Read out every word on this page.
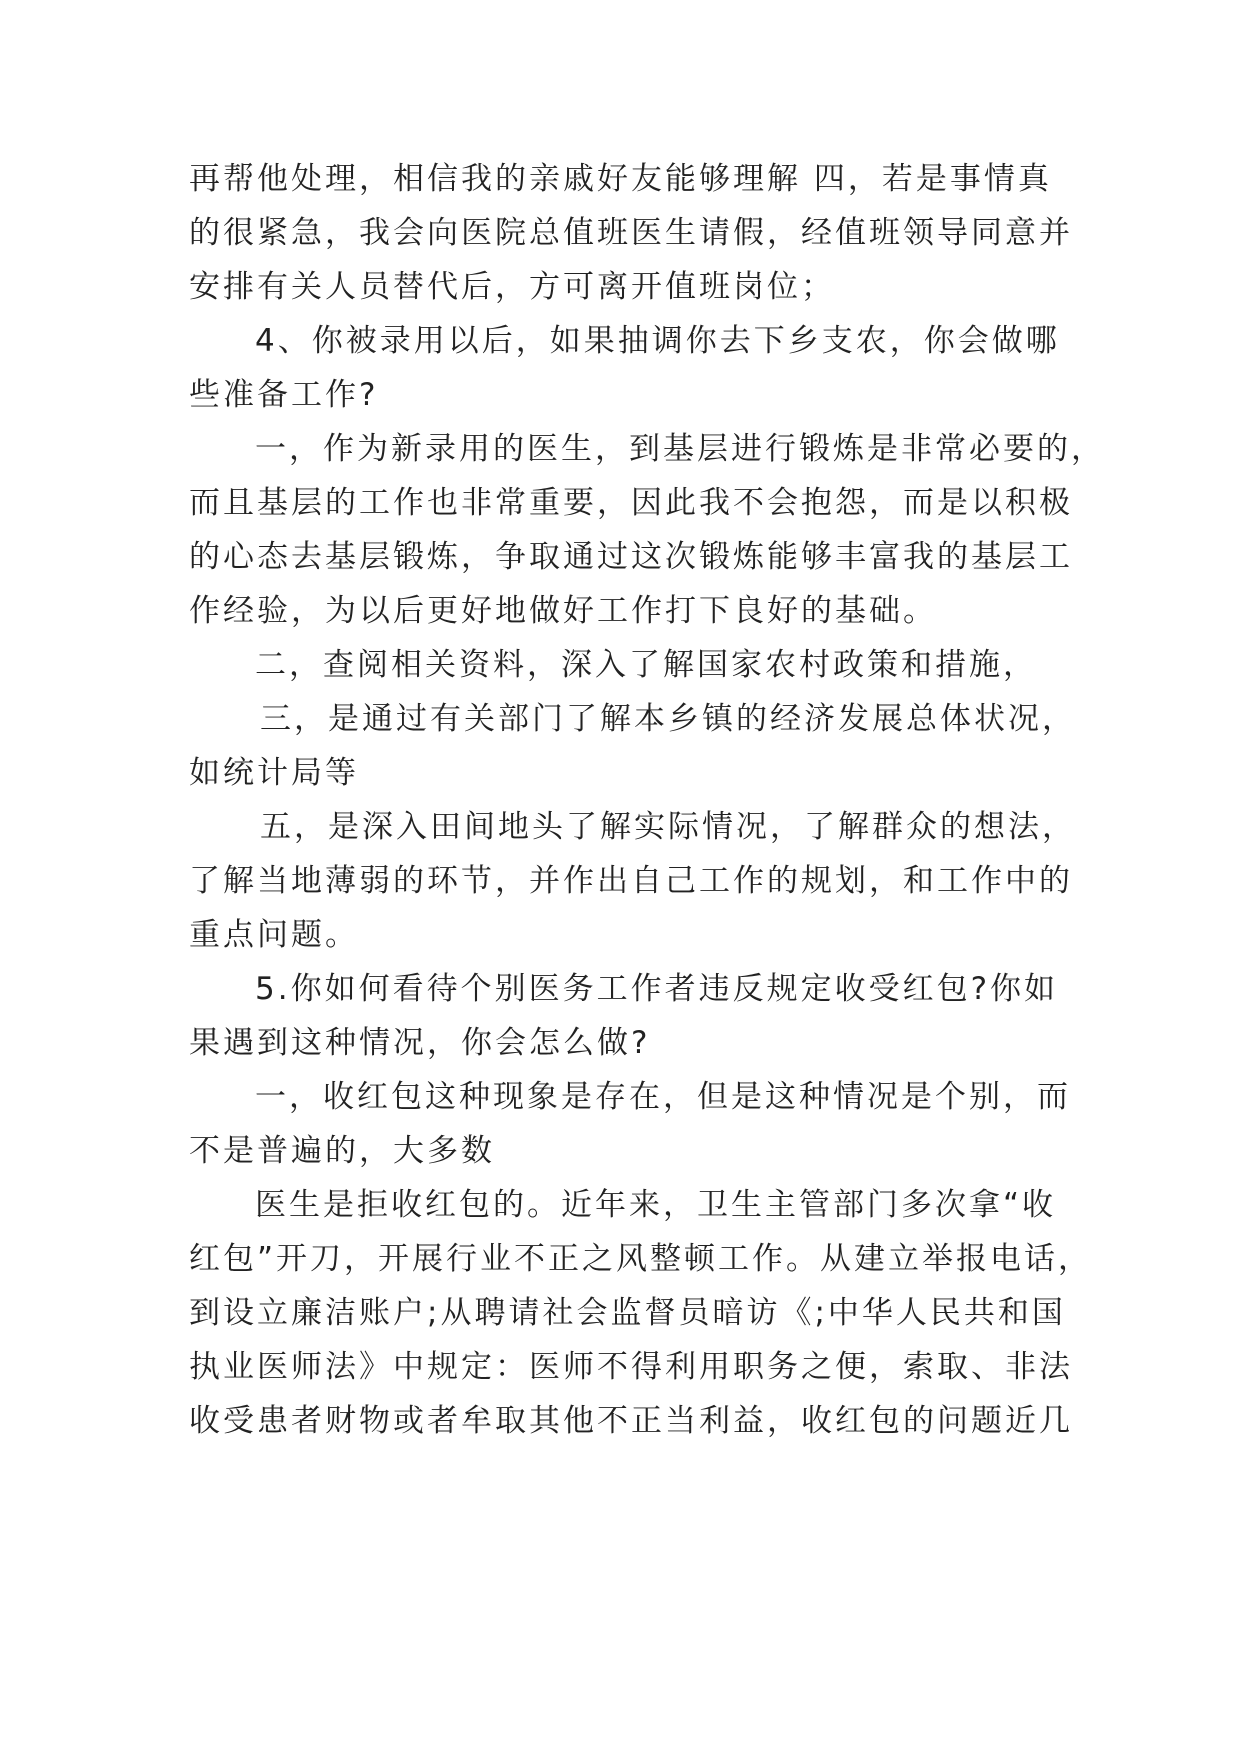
再帮他处理，相信我的亲戚好友能够理解 四，若是事情真
的很紧急，我会向医院总值班医生请假，经值班领导同意并
安排有关人员替代后，方可离开值班岗位；
4、你被录用以后，如果抽调你去下乡支农，你会做哪
些准备工作?
一，作为新录用的医生，到基层进行锻炼是非常必要的，
而且基层的工作也非常重要，因此我不会抱怨，而是以积极
的心态去基层锻炼，争取通过这次锻炼能够丰富我的基层工
作经验，为以后更好地做好工作打下良好的基础。
二，查阅相关资料，深入了解国家农村政策和措施，
三，是通过有关部门了解本乡镇的经济发展总体状况，
如统计局等
五，是深入田间地头了解实际情况，了解群众的想法，
了解当地薄弱的环节，并作出自己工作的规划，和工作中的
重点问题。
5.你如何看待个别医务工作者违反规定收受红包?你如
果遇到这种情况，你会怎么做?
一，收红包这种现象是存在，但是这种情况是个别，而
不是普遍的，大多数
医生是拒收红包的。近年来，卫生主管部门多次拿“收
红包”开刀，开展行业不正之风整顿工作。从建立举报电话，
到设立廉洁账户;从聘请社会监督员暗访《;中华人民共和国
执业医师法》中规定：医师不得利用职务之便，索取、非法
收受患者财物或者牟取其他不正当利益，收红包的问题近几
